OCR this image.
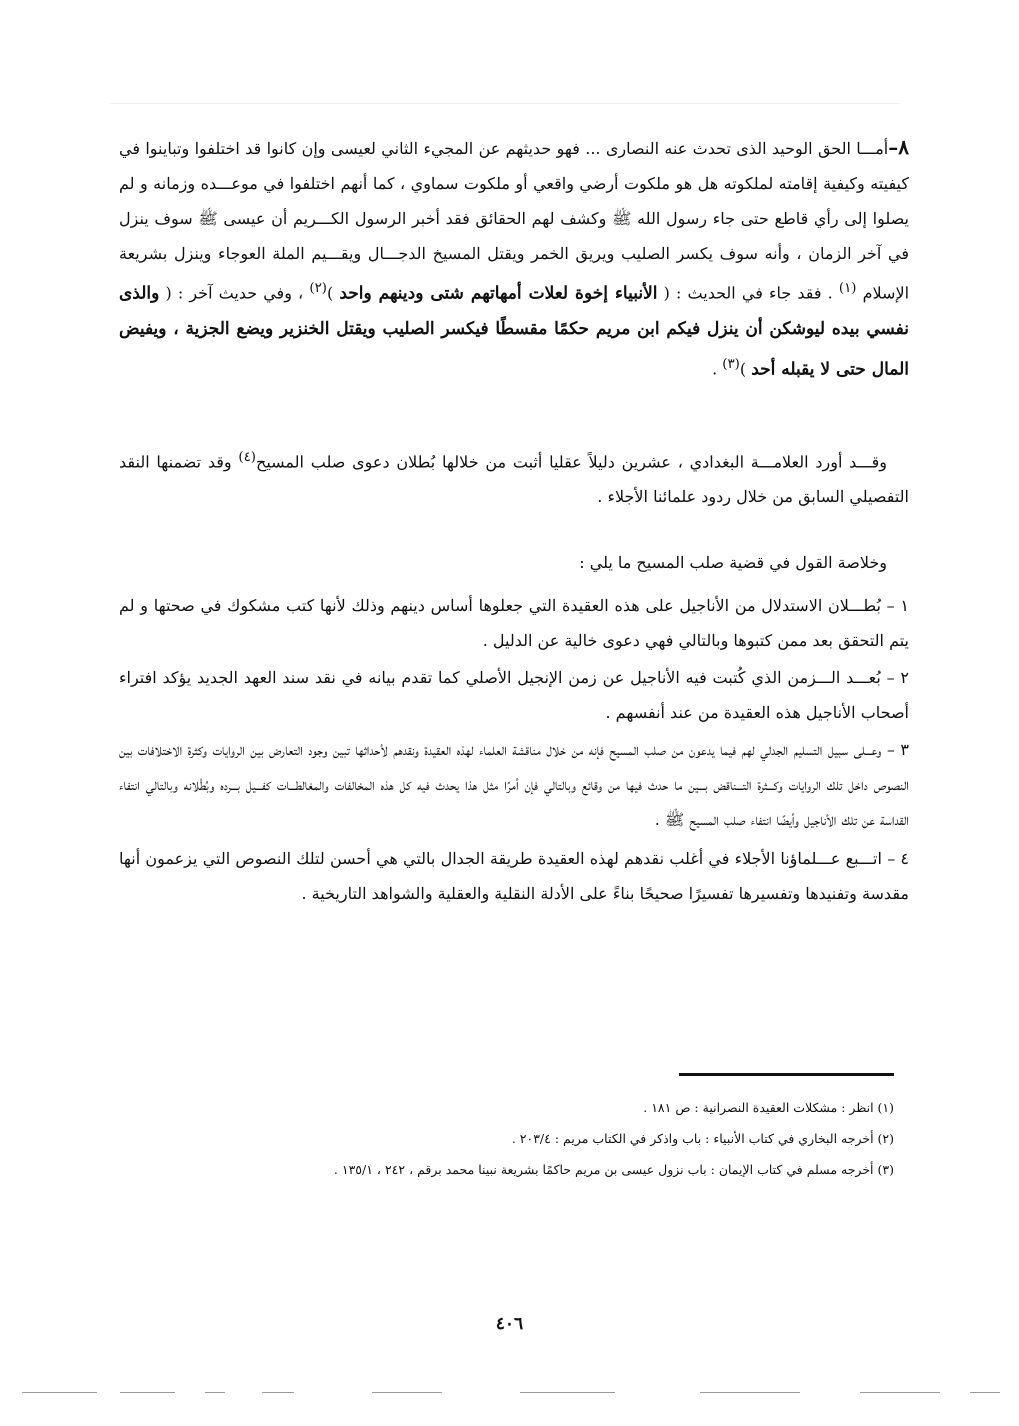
٨–أمـــا الحق الوحيد الذى تحدث عنه النصارى ... فهو حديثهم عن المجيء الثاني لعيسى وإن كانوا قد اختلفوا وتباينوا في كيفيته وكيفية إقامته لملكوته هل هو ملكوت أرضي واقعي أو ملكوت سماوي ، كما أنهم اختلفوا في موعـــده وزمانه و لم يصلوا إلى رأي قاطع حتى جاء رسول الله ﷺ وكشف لهم الحقائق فقد أخبر الرسول الكـــريم أن عيسى ﷺ سوف ينزل في آخر الزمان ، وأنه سوف يكسر الصليب ويريق الخمر ويقتل المسيخ الدجـــال ويقـــيم الملة العوجاء وينزل بشريعة الإسلام $^{(١)}$ . فقد جاء في الحديث : ( الأنبياء إخوة لعلات أمهاتهم شتى ودينهم واحد )$^{(٢)}$ ، وفي حديث آخر : ( والذى نفسي بيده ليوشكن أن ينزل فيكم ابن مريم حكمًا مقسطًا فيكسر الصليب ويقتل الخنزير ويضع الجزية ، ويفيض المال حتى لا يقبله أحد )$^{(٣)}$ .

وقـــد أورد العلامـــة البغدادي ، عشرين دليلاً عقليا أثبت من خلالها بُطلان دعوى صلب المسيح$^{(٤)}$ وقد تضمنها النقد التفصيلي السابق من خلال ردود علمائنا الأجلاء .

وخلاصة القول في قضية صلب المسيح ما يلي :

١ – بُطـــلان الاستدلال من الأناجيل على هذه العقيدة التي جعلوها أساس دينهم وذلك لأنها كتب مشكوك في صحتها و لم يتم التحقق بعد ممن كتبوها وبالتالي فهي دعوى خالية عن الدليل .
٢ – بُعـــد الـــزمن الذي كُتبت فيه الأناجيل عن زمن الإنجيل الأصلي كما تقدم بيانه في نقد سند العهد الجديد يؤكد افتراء أصحاب الأناجيل هذه العقيدة من عند أنفسهم .
٣ – وعـــلى سبيل التسليم الجدلي لهم فيما يدعون من صلب المسيح فإنه من خلال مناقشة العلماء لهذه العقيدة ونقدهم لأحداثها تبين وجود التعارض بين الروايات وكثرة الاختلافات بين النصوص داخل تلك الروايات وكـــثرة التـــناقض بـــين ما حدث فيها من وقائع وبالتالي فإن أمرًا مثل هذا يحدث فيه كل هذه المخالفات والمغالطـــات كفـــيل بـــرده وبُطْلانه وبالتالي انتفاء القداسة عن تلك الأناجيل وأيضًا انتفاء صلب المسيح ﷺ .
٤ – اتـــبع عـــلماؤنا الأجلاء في أغلب نقدهم لهذه العقيدة طريقة الجدال بالتي هي أحسن لتلك النصوص التي يزعمون أنها مقدسة وتفنيدها وتفسيرها تفسيرًا صحيحًا بناءً على الأدلة النقلية والعقلية والشواهد التاريخية .
(١) انظر : مشكلات العقيدة النصرانية : ص ١٨١ .
(٢) أخرجه البخاري في كتاب الأنبياء : باب واذكر في الكتاب مريم : ٢٠٣/٤ .
(٣) أخرجه مسلم في كتاب الإيمان : باب نزول عيسى بن مريم حاكمًا بشريعة نبينا محمد برقم ، ٢٤٢ ، ١٣٥/١ .
٤٠٦
